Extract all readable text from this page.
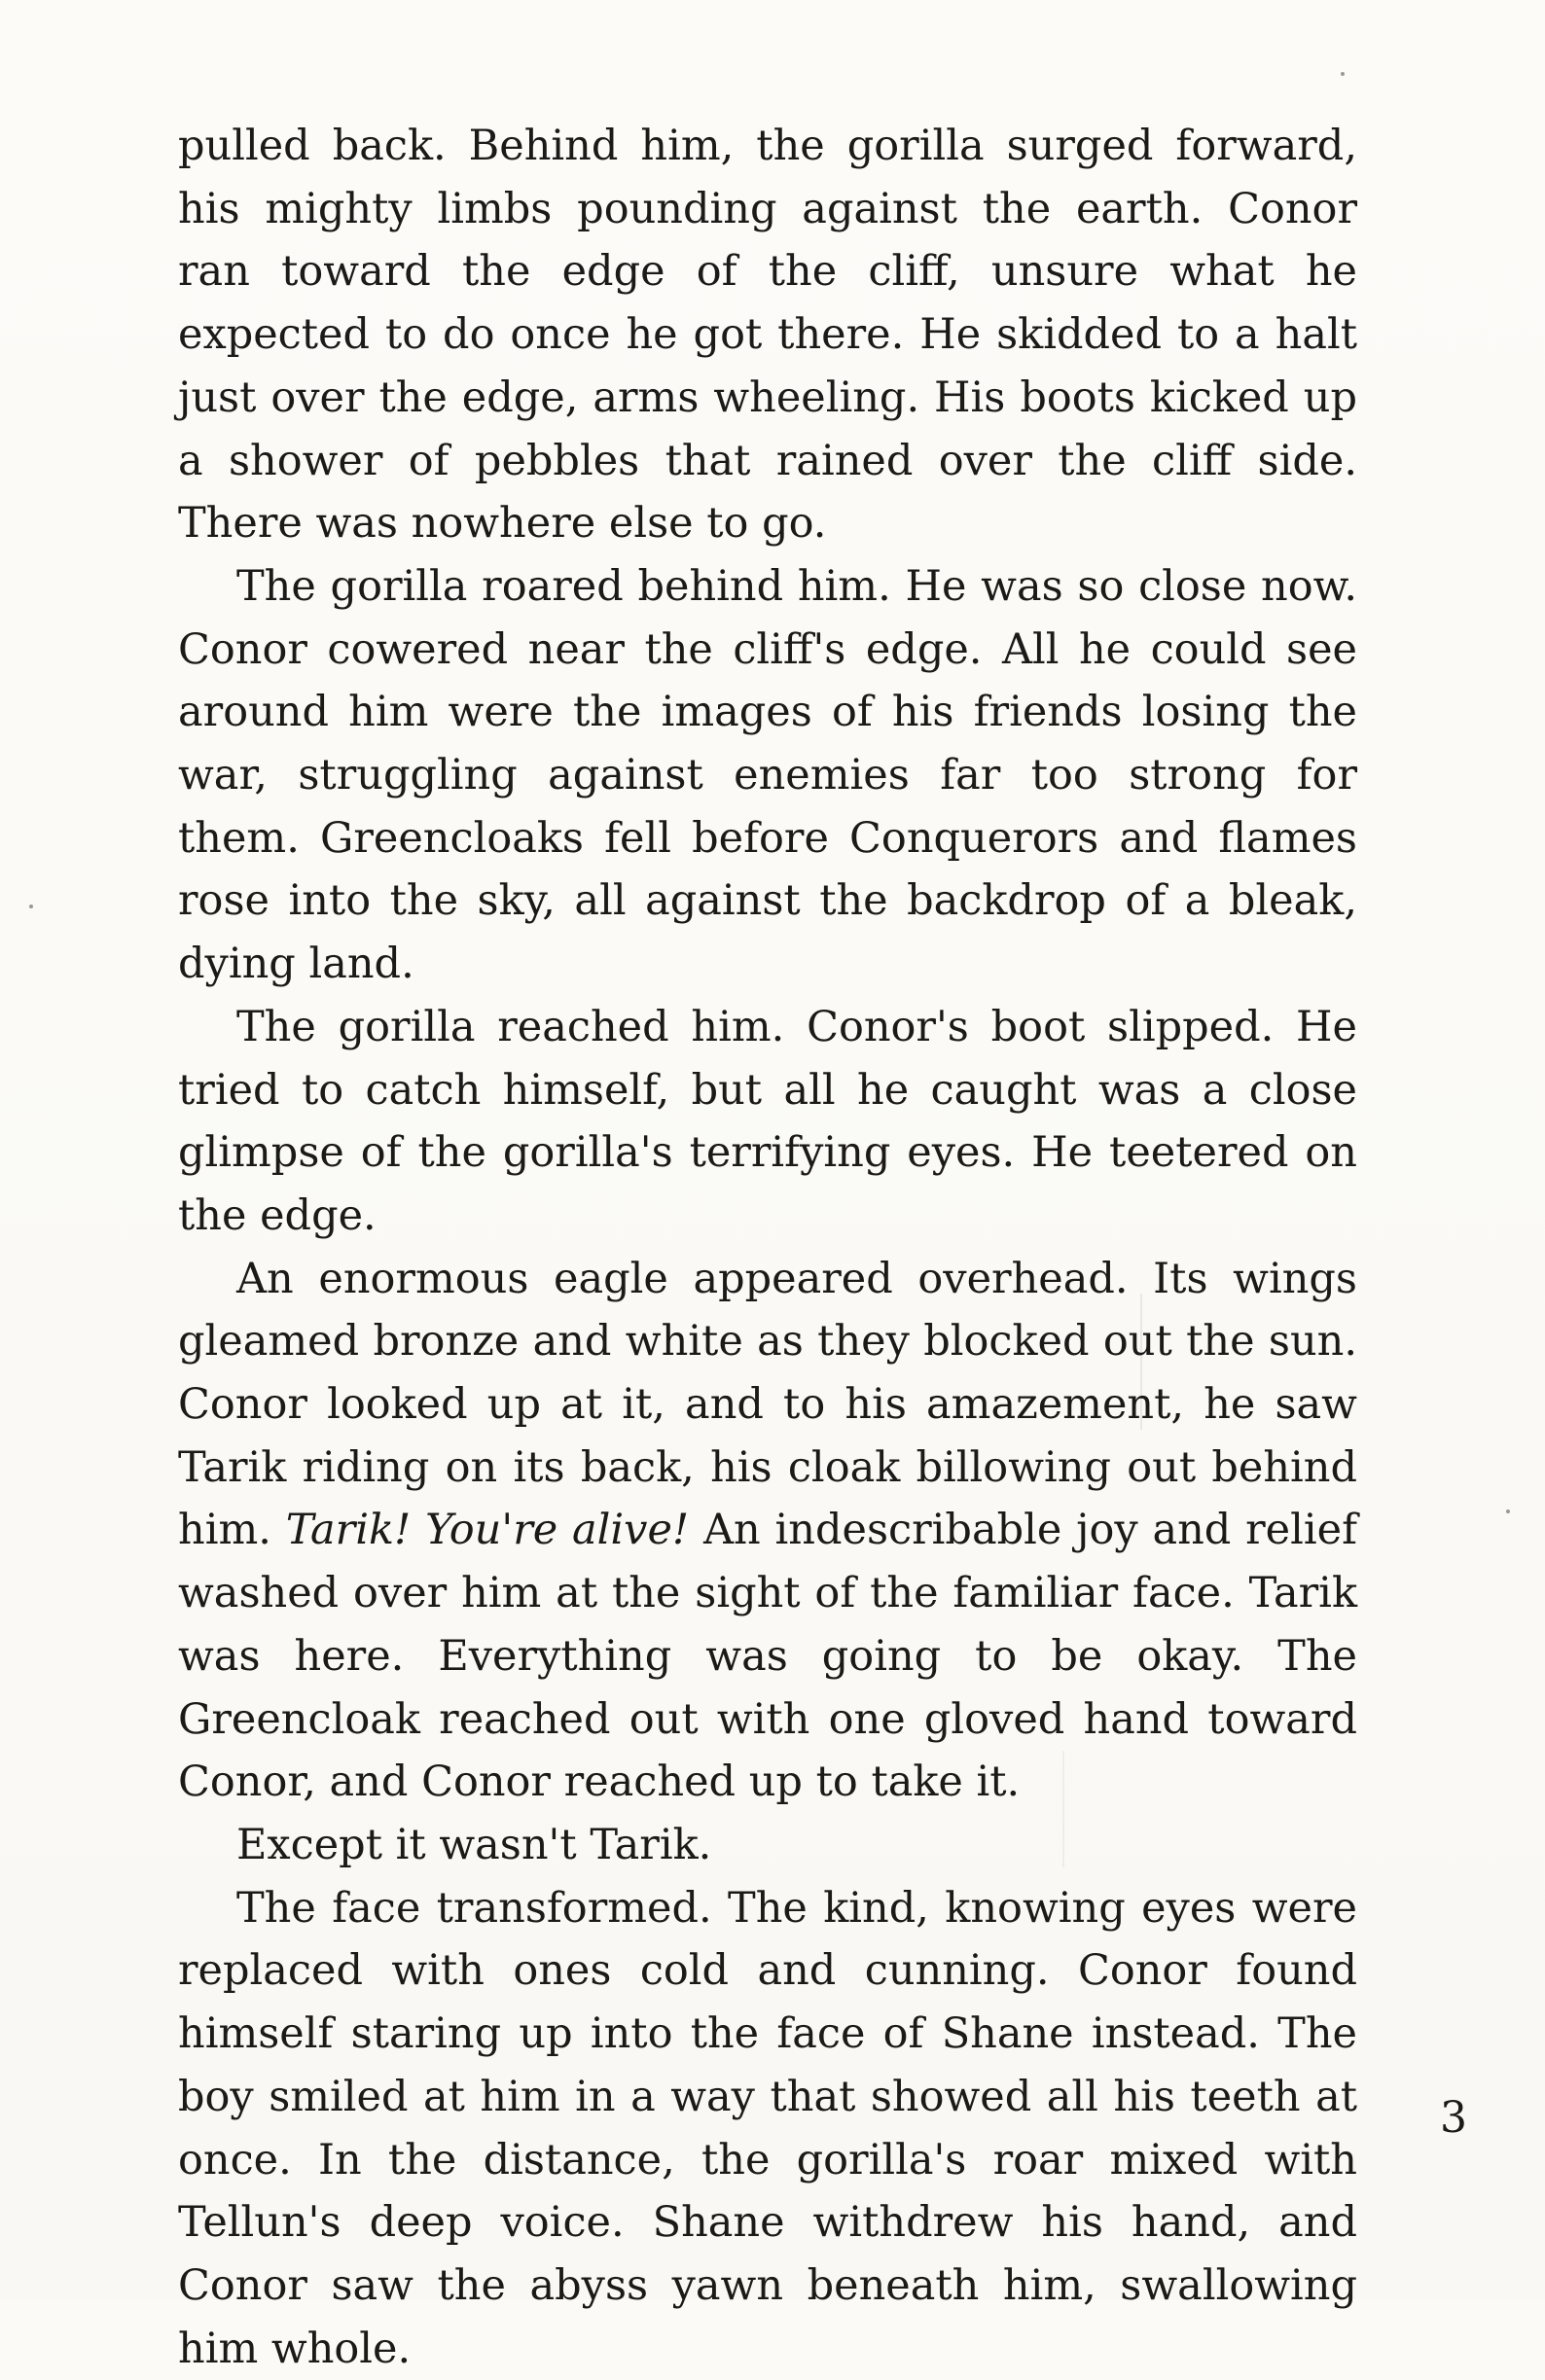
pulled back. Behind him, the gorilla surged forward, his mighty limbs pounding against the earth. Conor ran toward the edge of the cliff, unsure what he expected to do once he got there. He skidded to a halt just over the edge, arms wheeling. His boots kicked up a shower of pebbles that rained over the cliff side. There was nowhere else to go.

The gorilla roared behind him. He was so close now. Conor cowered near the cliff's edge. All he could see around him were the images of his friends losing the war, struggling against enemies far too strong for them. Greencloaks fell before Conquerors and flames rose into the sky, all against the backdrop of a bleak, dying land.

The gorilla reached him. Conor's boot slipped. He tried to catch himself, but all he caught was a close glimpse of the gorilla's terrifying eyes. He teetered on the edge.

An enormous eagle appeared overhead. Its wings gleamed bronze and white as they blocked out the sun. Conor looked up at it, and to his amazement, he saw Tarik riding on its back, his cloak billowing out behind him. Tarik! You're alive! An indescribable joy and relief washed over him at the sight of the familiar face. Tarik was here. Everything was going to be okay. The Greencloak reached out with one gloved hand toward Conor, and Conor reached up to take it.

Except it wasn't Tarik.

The face transformed. The kind, knowing eyes were replaced with ones cold and cunning. Conor found himself staring up into the face of Shane instead. The boy smiled at him in a way that showed all his teeth at once. In the distance, the gorilla's roar mixed with Tellun's deep voice. Shane withdrew his hand, and Conor saw the abyss yawn beneath him, swallowing him whole.

3
